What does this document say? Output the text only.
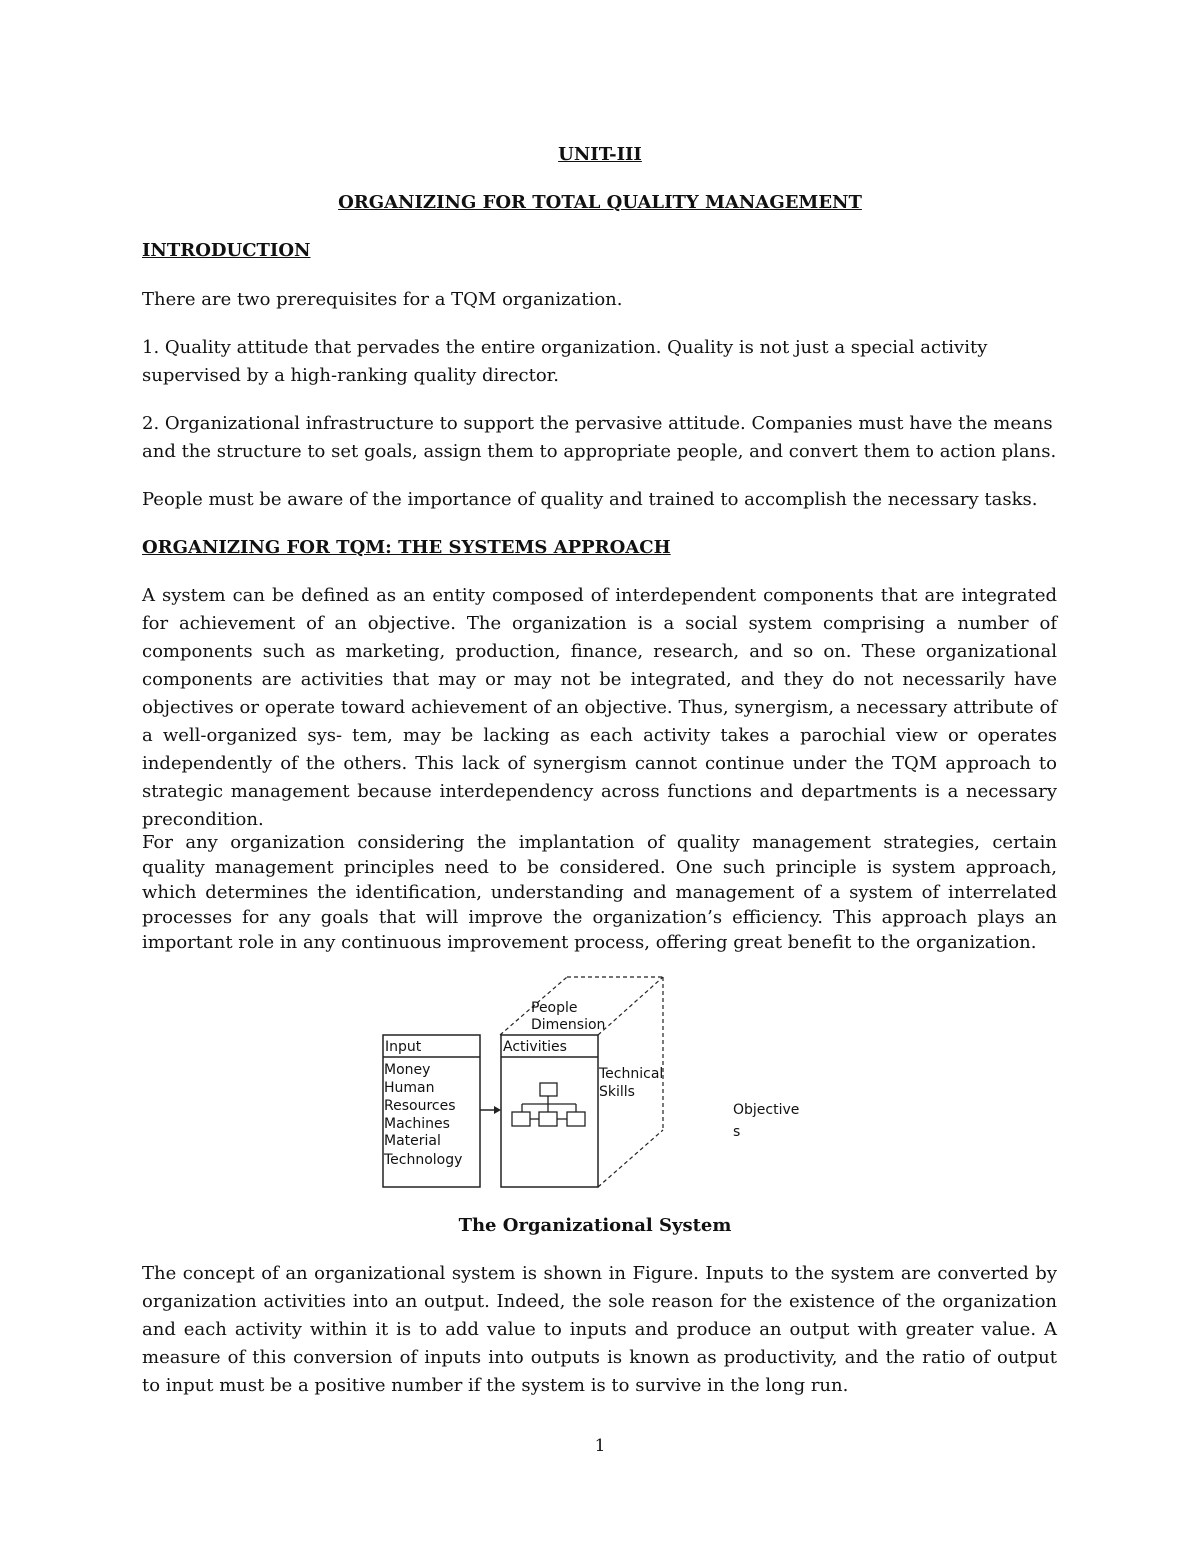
UNIT-III
ORGANIZING FOR TOTAL QUALITY MANAGEMENT
INTRODUCTION

There are two prerequisites for a TQM organization.

1. Quality attitude that pervades the entire organization. Quality is not just a special activity supervised by a high-ranking quality director.

2. Organizational infrastructure to support the pervasive attitude. Companies must have the means and the structure to set goals, assign them to appropriate people, and convert them to action plans.

People must be aware of the importance of quality and trained to accomplish the necessary tasks.

ORGANIZING FOR TQM: THE SYSTEMS APPROACH

A system can be defined as an entity composed of interdependent components that are integrated for achievement of an objective. The organization is a social system comprising a number of components such as marketing, production, finance, research, and so on. These organizational components are activities that may or may not be integrated, and they do not necessarily have objectives or operate toward achievement of an objective. Thus, synergism, a necessary attribute of a well-organized sys- tem, may be lacking as each activity takes a parochial view or operates independently of the others. This lack of synergism cannot continue under the TQM approach to strategic management because interdependency across functions and departments is a necessary precondition.

For any organization considering the implantation of quality management strategies, certain quality management principles need to be considered. One such principle is system approach, which determines the identification, understanding and management of a system of interrelated processes for any goals that will improve the organization’s efficiency. This approach plays an important role in any continuous improvement process, offering great benefit to the organization.

Input
Money
Human
Resources
Machines
Material
Technology
Activities
People
Dimension
Technical
Skills
Objective
s
The Organizational System

The concept of an organizational system is shown in Figure. Inputs to the system are converted by organization activities into an output. Indeed, the sole reason for the existence of the organization and each activity within it is to add value to inputs and produce an output with greater value. A measure of this conversion of inputs into outputs is known as productivity, and the ratio of output to input must be a positive number if the system is to survive in the long run.

1
